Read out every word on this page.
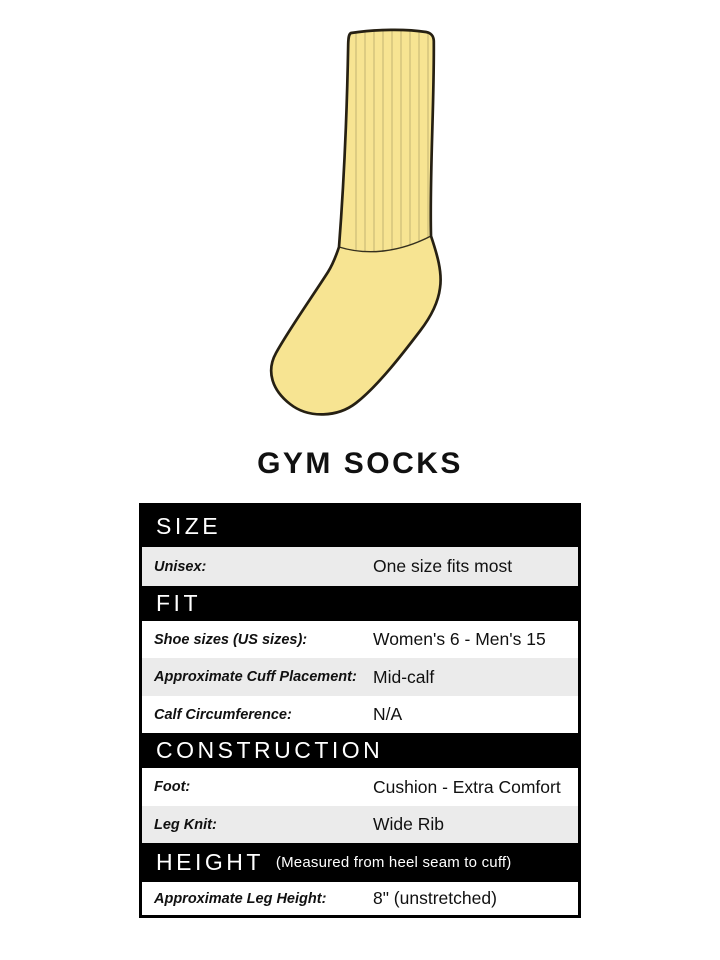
GYM SOCKS
SIZE
Unisex:	One size fits most
FIT
Shoe sizes (US sizes):	Women's 6 - Men's 15
Approximate Cuff Placement: Mid-calf
Calf Circumference:	N/A
CONSTRUCTION
Foot:	Cushion - Extra Comfort
Leg Knit:	Wide Rib
HEIGHT (Measured from heel seam to cuff)
Approximate Leg Height:	8" (unstretched)
